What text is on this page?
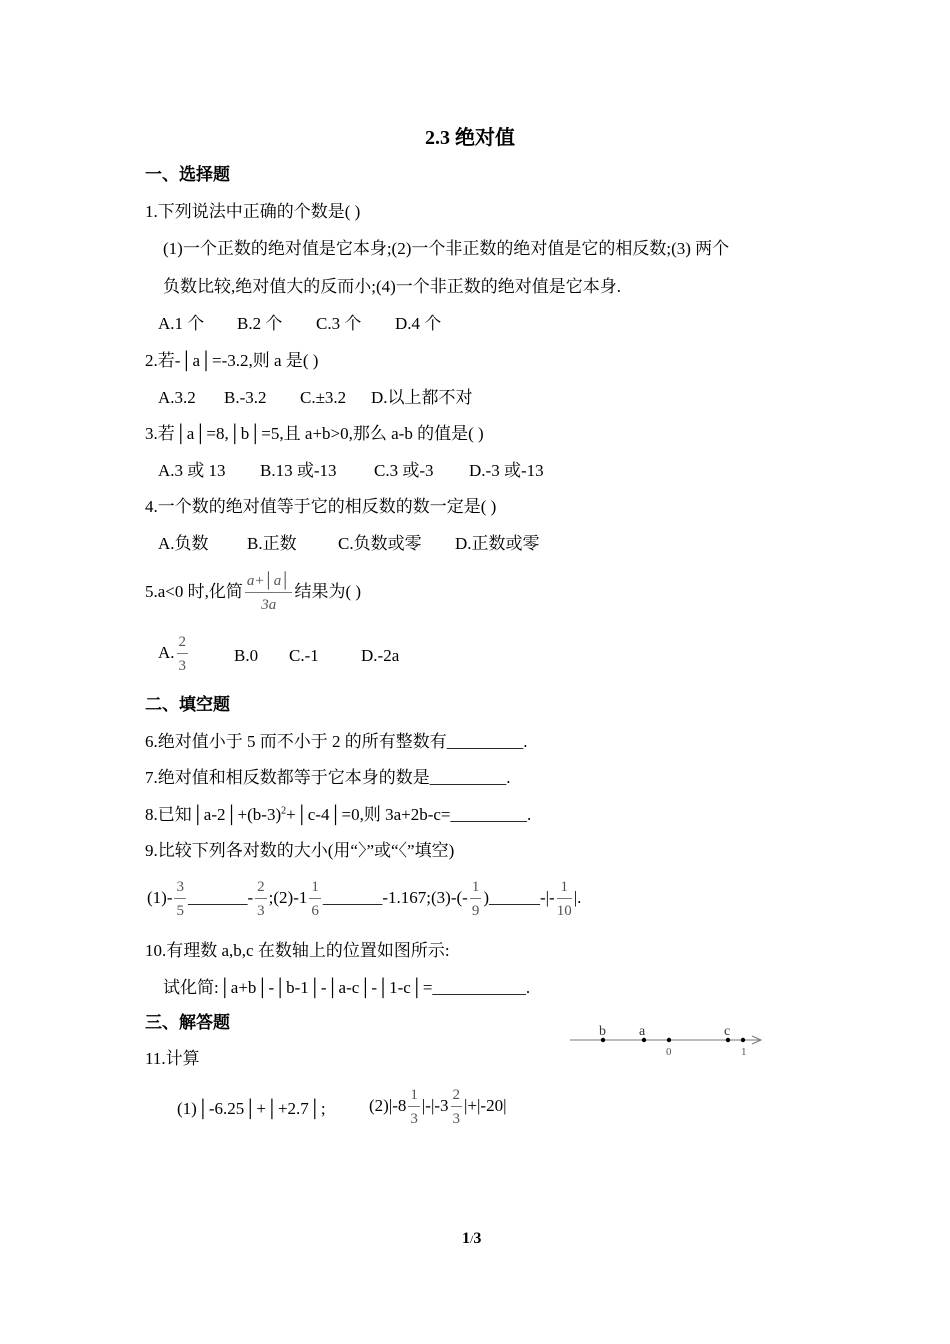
2.3 绝对值
一、选择题
1.下列说法中正确的个数是( )
(1)一个正数的绝对值是它本身;(2)一个非正数的绝对值是它的相反数;(3) 两个
负数比较,绝对值大的反而小;(4)一个非正数的绝对值是它本身.
A.1 个 B.2 个 C.3 个 D.4 个
2.若-│a│=-3.2,则 a 是( )
A.3.2 B.-3.2 C.±3.2 D.以上都不对
3.若│a│=8,│b│=5,且 a+b>0,那么 a-b 的值是( )
A.3 或 13 B.13 或-13 C.3 或-3 D.-3 或-13
4.一个数的绝对值等于它的相反数的数一定是( )
A.负数 B.正数 C.负数或零 D.正数或零
5.a<0 时,化简 $\frac{a+│a│}{3a}$ 结果为( )
A. $\frac{2}{3}$	B.0 C.-1 D.-2a
二、填空题
6.绝对值小于 5 而不小于 2 的所有整数有_________.
7.绝对值和相反数都等于它本身的数是_________.
8.已知$│a-2│+(b-3)^2+│c-4│=0$,则 3a+2b-c=_________.
9.比较下列各对数的大小(用“〉”或“〈”填空)
$(1)- \frac{3}{5}$ _______- $\frac{2}{3}$ ;(2)-1 $\frac{1}{6}$ _______-1.167;(3)-(- $\frac{1}{9}$ )______-|- $\frac{1}{10}$ |.
10.有理数 a,b,c 在数轴上的位置如图所示:
试化简:│a+b│-│b-1│-│a-c│-│1-c│=___________.
三、解答题	b a	c
0	1
11.计算
(1)│-6.25│+│+2.7│;	$(2)|-8 \frac{1}{3} |-|-3 \frac{2}{3} |+|-20|$
1/3
